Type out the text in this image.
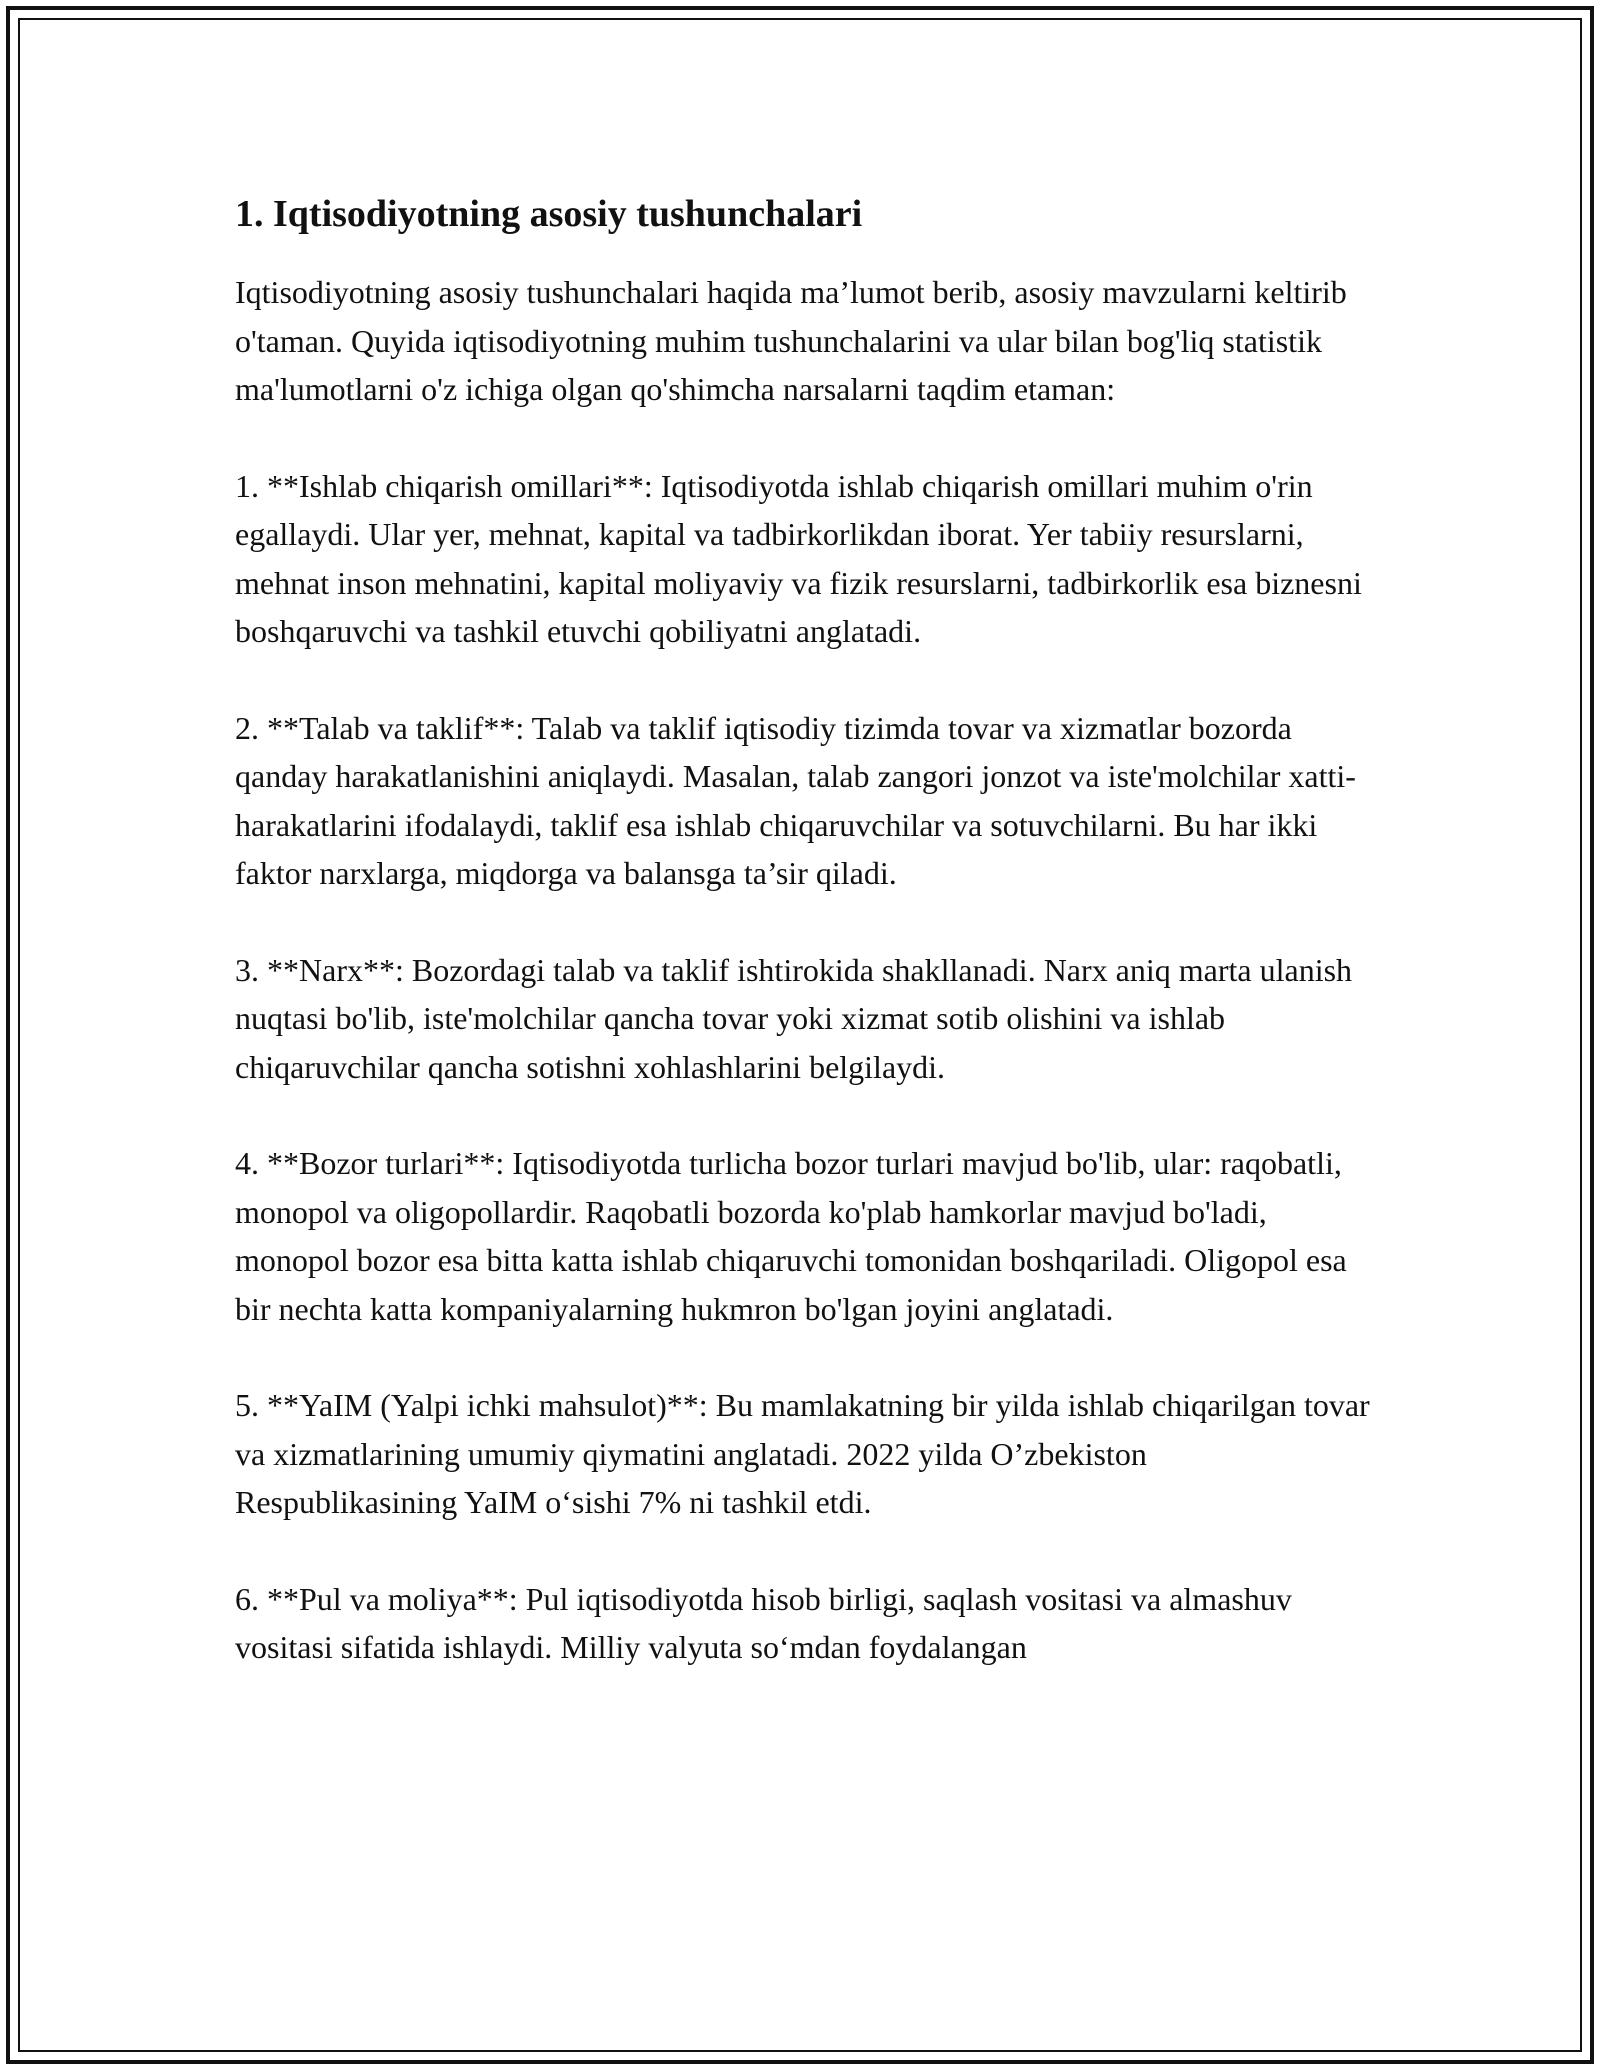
1. Iqtisodiyotning asosiy tushunchalari

Iqtisodiyotning asosiy tushunchalari haqida ma’lumot berib, asosiy mavzularni keltirib o'taman. Quyida iqtisodiyotning muhim tushunchalarini va ular bilan bog'liq statistik ma'lumotlarni o'z ichiga olgan qo'shimcha narsalarni taqdim etaman:

1. **Ishlab chiqarish omillari**: Iqtisodiyotda ishlab chiqarish omillari muhim o'rin egallaydi. Ular yer, mehnat, kapital va tadbirkorlikdan iborat. Yer tabiiy resurslarni, mehnat inson mehnatini, kapital moliyaviy va fizik resurslarni, tadbirkorlik esa biznesni boshqaruvchi va tashkil etuvchi qobiliyatni anglatadi.

2. **Talab va taklif**: Talab va taklif iqtisodiy tizimda tovar va xizmatlar bozorda qanday harakatlanishini aniqlaydi. Masalan, talab zangori jonzot va iste'molchilar xatti-harakatlarini ifodalaydi, taklif esa ishlab chiqaruvchilar va sotuvchilarni. Bu har ikki faktor narxlarga, miqdorga va balansga ta’sir qiladi.

3. **Narx**: Bozordagi talab va taklif ishtirokida shakllanadi. Narx aniq marta ulanish nuqtasi bo'lib, iste'molchilar qancha tovar yoki xizmat sotib olishini va ishlab chiqaruvchilar qancha sotishni xohlashlarini belgilaydi.

4. **Bozor turlari**: Iqtisodiyotda turlicha bozor turlari mavjud bo'lib, ular: raqobatli, monopol va oligopollardir. Raqobatli bozorda ko'plab hamkorlar mavjud bo'ladi, monopol bozor esa bitta katta ishlab chiqaruvchi tomonidan boshqariladi. Oligopol esa bir nechta katta kompaniyalarning hukmron bo'lgan joyini anglatadi.

5. **YaIM (Yalpi ichki mahsulot)**: Bu mamlakatning bir yilda ishlab chiqarilgan tovar va xizmatlarining umumiy qiymatini anglatadi. 2022 yilda O’zbekiston Respublikasining YaIM o‘sishi 7% ni tashkil etdi.

6. **Pul va moliya**: Pul iqtisodiyotda hisob birligi, saqlash vositasi va almashuv vositasi sifatida ishlaydi. Milliy valyuta so‘mdan foydalangan
